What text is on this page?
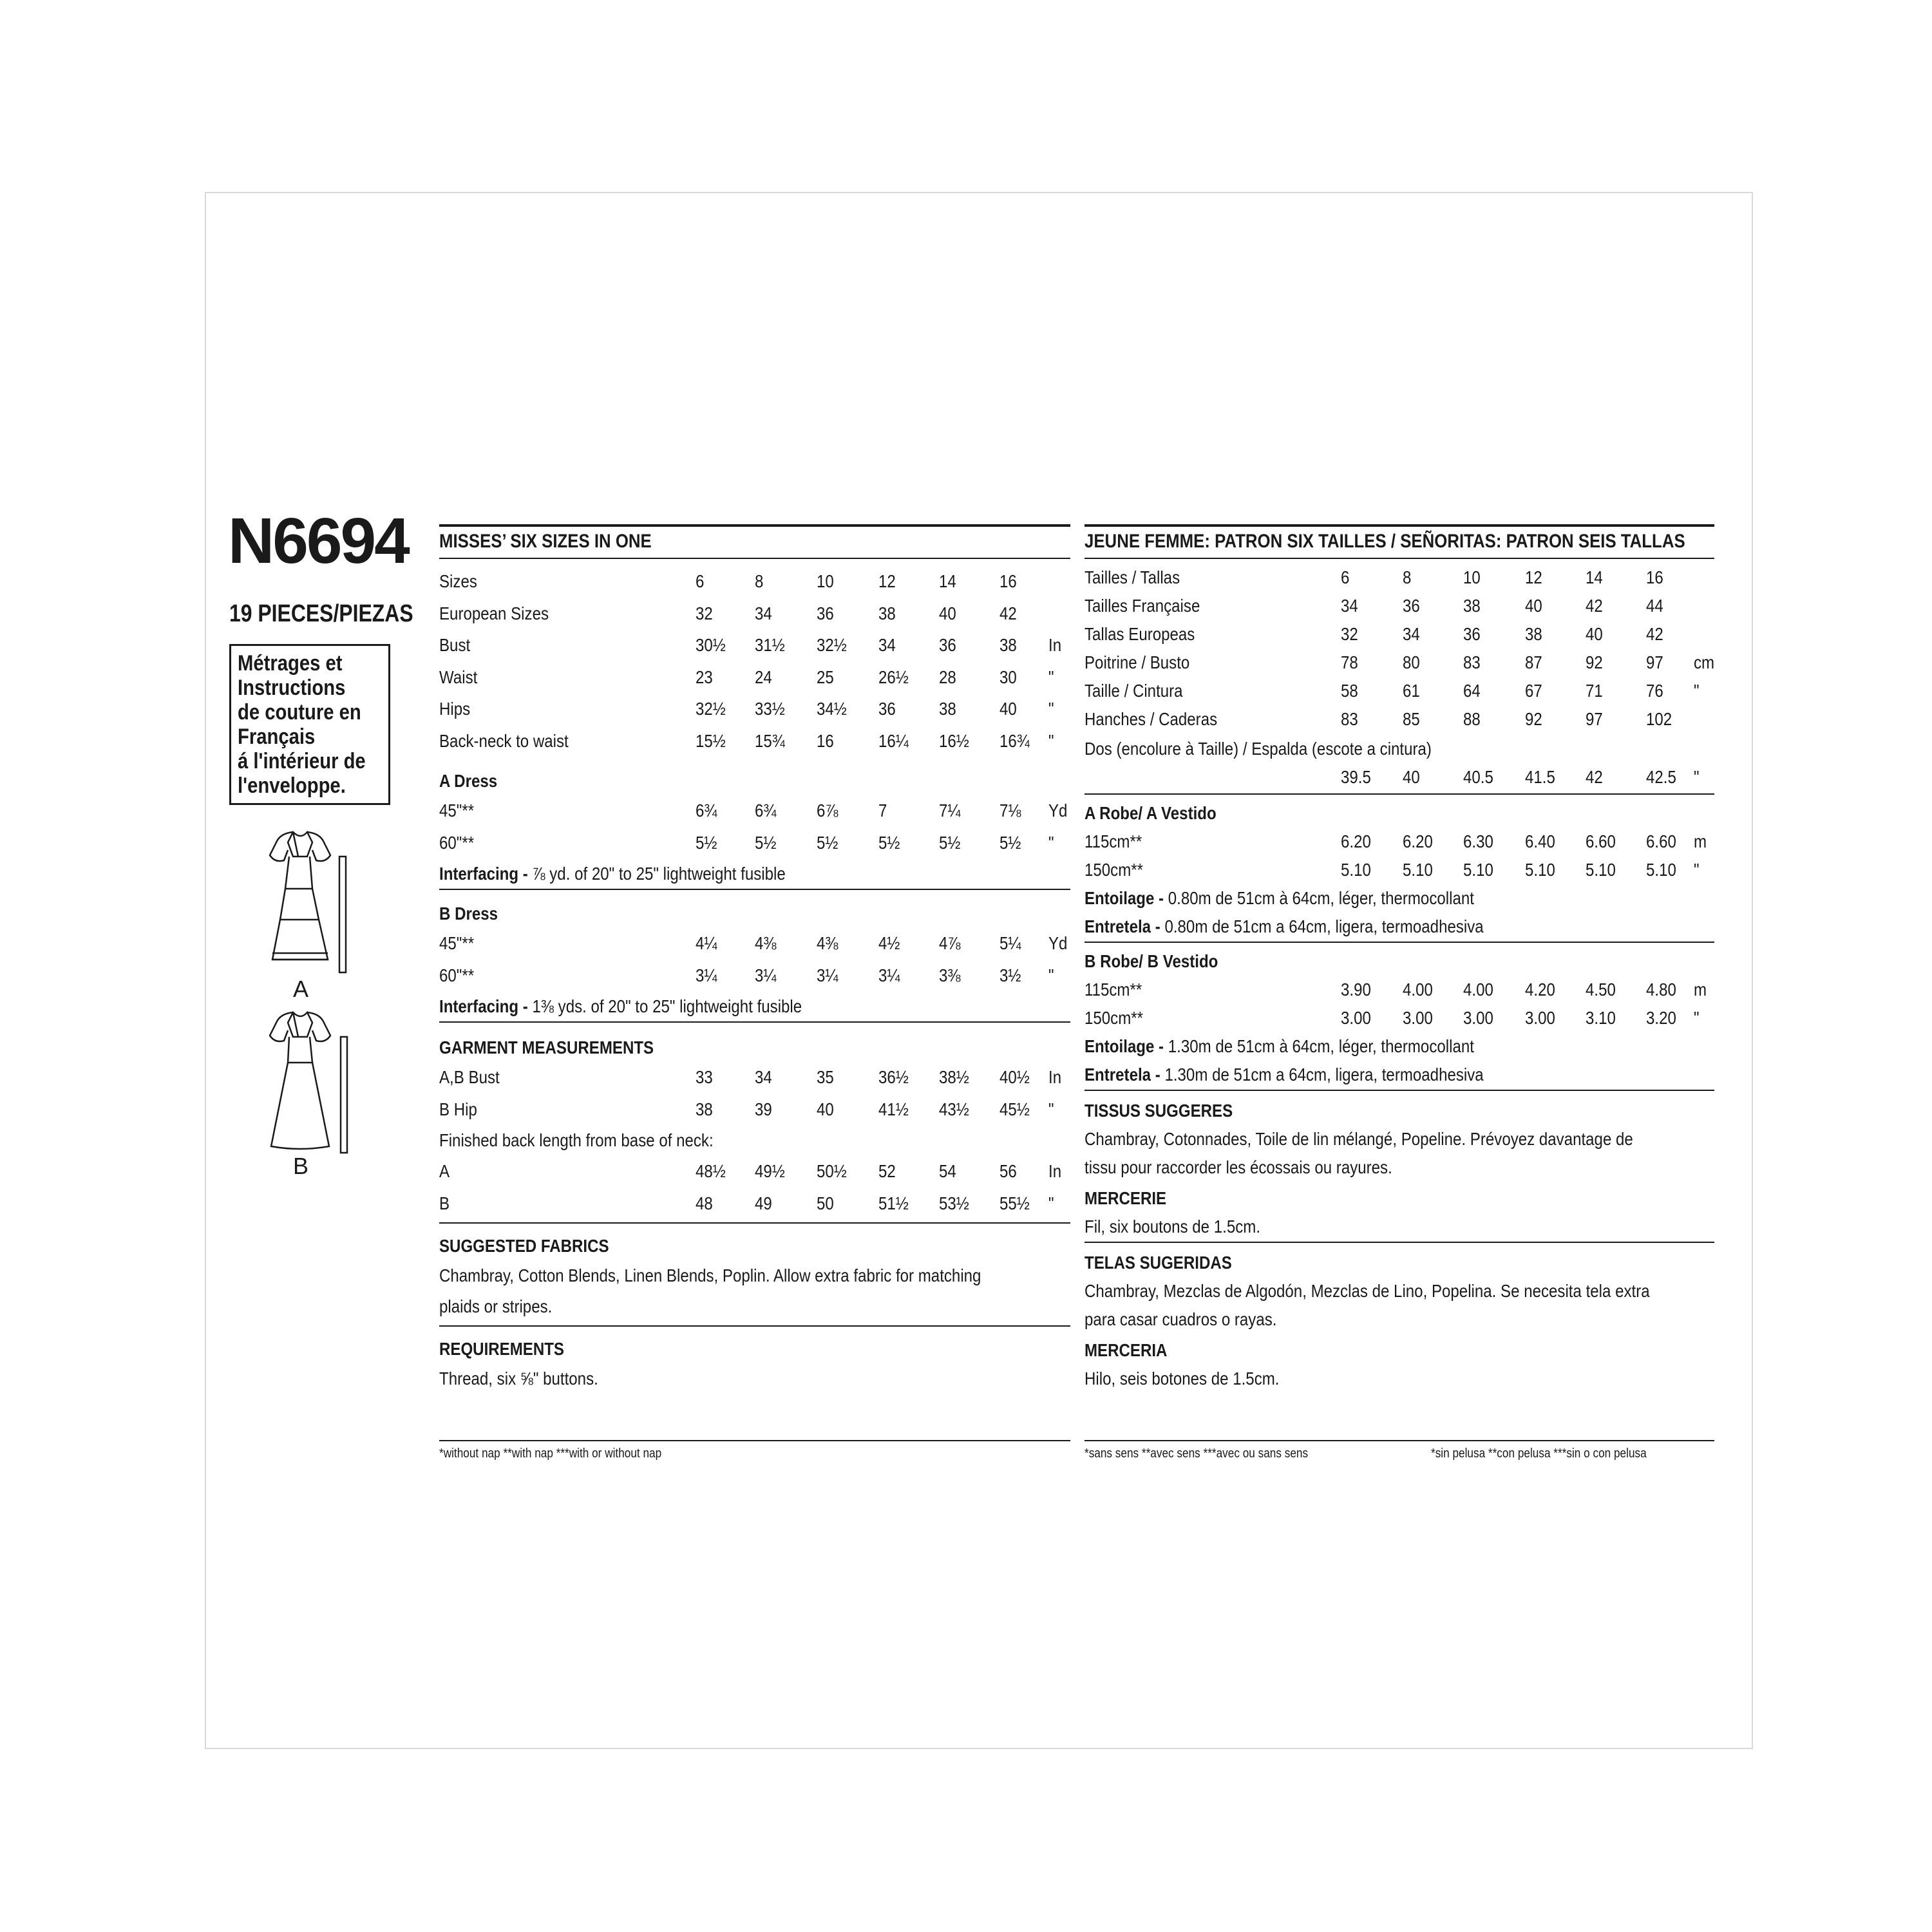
N6694
19 PIECES/PIEZAS
Métrages et
Instructions
de couture en
Français
á l'intérieur de
l'enveloppe.
A
B
MISSES’ SIX SIZES IN ONE
Sizes	6	8	10 12 14 16
European Sizes	32 34 36 38 40 42
Bust	30½ 31½ 32½ 34 36 38 In
Waist	23 24 25 26½ 28 30 "
Hips	32½ 33½ 34½ 36 38 40 "
Back-neck to waist	15½ 15¾ 16 16¼ 16½ 16¾ "
A Dress
45"**	6¾ 6¾ 6⅞ 7	7¼ 7⅛ Yd
60"**	5½ 5½ 5½ 5½ 5½ 5½ "
Interfacing - ⅞ yd. of 20" to 25" lightweight fusible
B Dress
45"**	4¼ 4⅜ 4⅜ 4½ 4⅞ 5¼ Yd
60"**	3¼ 3¼ 3¼ 3¼ 3⅜ 3½ "
Interfacing - 1⅜ yds. of 20" to 25" lightweight fusible
GARMENT MEASUREMENTS
A,B Bust	33 34 35 36½ 38½ 40½ In
B Hip	38 39 40 41½ 43½ 45½ "
Finished back length from base of neck:
A	48½ 49½ 50½ 52 54 56 In
B	48 49 50 51½ 53½ 55½ "
SUGGESTED FABRICS
Chambray, Cotton Blends, Linen Blends, Poplin. Allow extra fabric for matching
plaids or stripes.
REQUIREMENTS
Thread, six ⅝" buttons.
*without nap **with nap ***with or without nap
JEUNE FEMME: PATRON SIX TAILLES / SEÑORITAS: PATRON SEIS TALLAS
Tailles / Tallas	6	8	10 12 14 16
Tailles Française	34 36 38 40 42 44
Tallas Europeas	32 34 36 38 40 42
Poitrine / Busto	78 80 83 87 92 97 cm
Taille / Cintura	58 61 64 67 71 76 "
Hanches / Caderas	83 85 88 92 97 102
Dos (encolure à Taille) / Espalda (escote a cintura)
39.5 40 40.5 41.5 42 42.5 "
A Robe/ A Vestido
115cm**	6.20 6.20 6.30 6.40 6.60 6.60 m
150cm**	5.10 5.10 5.10 5.10 5.10 5.10 "
Entoilage - 0.80m de 51cm à 64cm, léger, thermocollant
Entretela - 0.80m de 51cm a 64cm, ligera, termoadhesiva
B Robe/ B Vestido
115cm**	3.90 4.00 4.00 4.20 4.50 4.80 m
150cm**	3.00 3.00 3.00 3.00 3.10 3.20 "
Entoilage - 1.30m de 51cm à 64cm, léger, thermocollant
Entretela - 1.30m de 51cm a 64cm, ligera, termoadhesiva
TISSUS SUGGERES
Chambray, Cotonnades, Toile de lin mélangé, Popeline. Prévoyez davantage de
tissu pour raccorder les écossais ou rayures.
MERCERIE
Fil, six boutons de 1.5cm.
TELAS SUGERIDAS
Chambray, Mezclas de Algodón, Mezclas de Lino, Popelina. Se necesita tela extra
para casar cuadros o rayas.
MERCERIA
Hilo, seis botones de 1.5cm.
*sans sens **avec sens ***avec ou sans sens	*sin pelusa **con pelusa ***sin o con pelusa
